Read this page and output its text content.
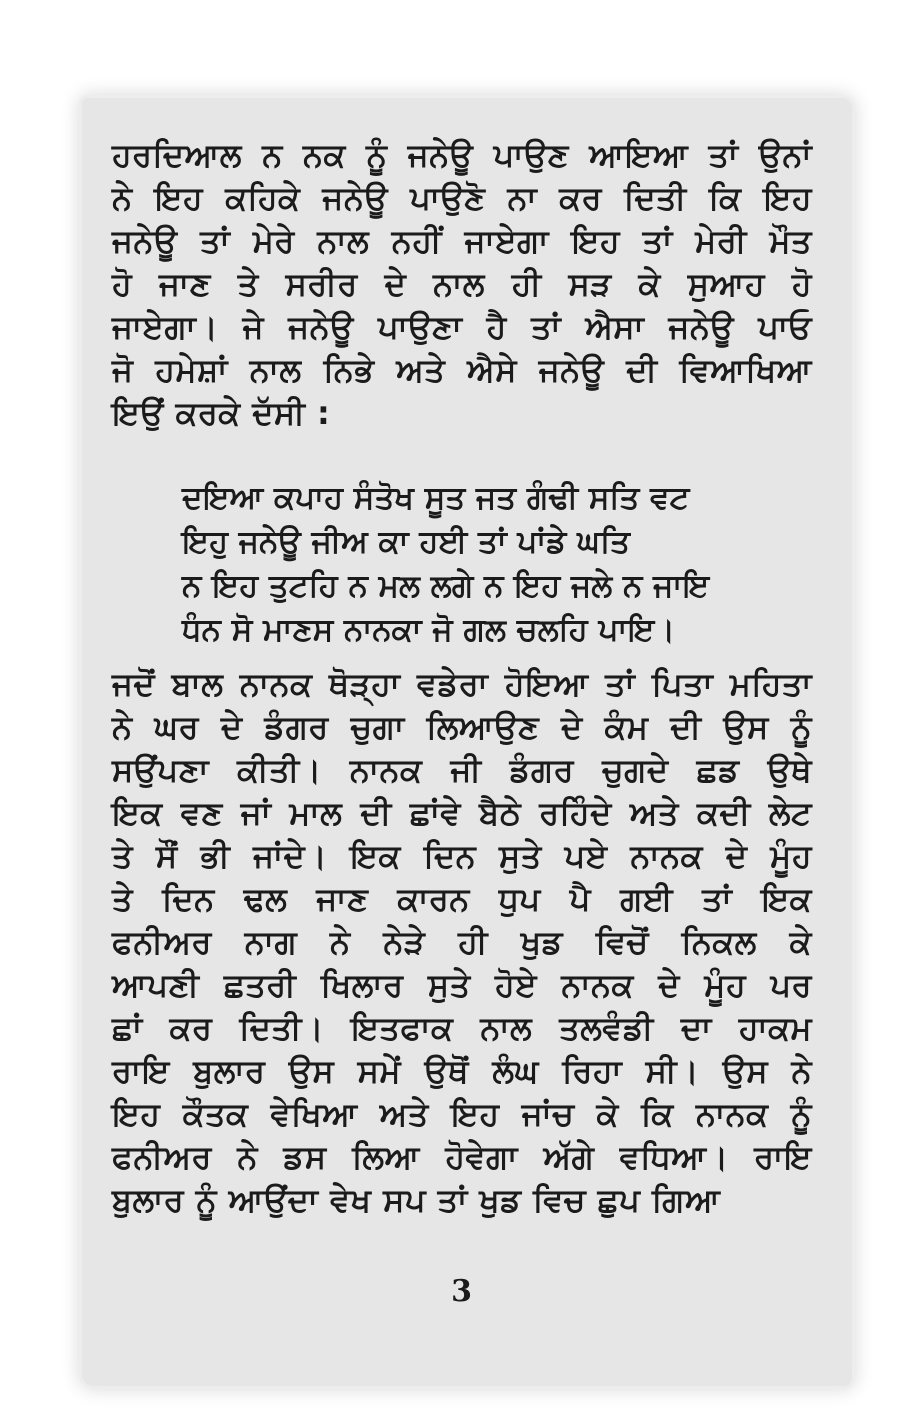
ਹਰਦਿਆਲ ਨ ਨਕ ਨੂੰ ਜਨੇਊ ਪਾਉਣ ਆਇਆ ਤਾਂ ਉਨਾਂ
ਨੇ ਇਹ ਕਹਿਕੇ ਜਨੇਊ ਪਾਉਣੋ ਨਾ ਕਰ ਦਿਤੀ ਕਿ ਇਹ
ਜਨੇਊ ਤਾਂ ਮੇਰੇ ਨਾਲ ਨਹੀਂ ਜਾਏਗਾ ਇਹ ਤਾਂ ਮੇਰੀ ਮੌਤ
ਹੋ ਜਾਣ ਤੇ ਸਰੀਰ ਦੇ ਨਾਲ ਹੀ ਸੜ ਕੇ ਸੁਆਹ ਹੋ
ਜਾਏਗਾ। ਜੇ ਜਨੇਊ ਪਾਉਣਾ ਹੈ ਤਾਂ ਐਸਾ ਜਨੇਊ ਪਾਓ
ਜੋ ਹਮੇਸ਼ਾਂ ਨਾਲ ਨਿਭੇ ਅਤੇ ਐਸੇ ਜਨੇਊ ਦੀ ਵਿਆਖਿਆ
ਇਉਂ ਕਰਕੇ ਦੱਸੀ :
ਦਇਆ ਕਪਾਹ ਸੰਤੋਖ ਸੂਤ ਜਤ ਗੰਢੀ ਸਤਿ ਵਟ
ਇਹੁ ਜਨੇਊ ਜੀਅ ਕਾ ਹਈ ਤਾਂ ਪਾਂਡੇ ਘਤਿ
ਨ ਇਹ ਤੁਟਹਿ ਨ ਮਲ ਲਗੇ ਨ ਇਹ ਜਲੇ ਨ ਜਾਇ
ਧੰਨ ਸੋ ਮਾਣਸ ਨਾਨਕਾ ਜੋ ਗਲ ਚਲਹਿ ਪਾਇ।
ਜਦੋਂ ਬਾਲ ਨਾਨਕ ਥੋੜ੍ਹਾ ਵਡੇਰਾ ਹੋਇਆ ਤਾਂ ਪਿਤਾ ਮਹਿਤਾ
ਨੇ ਘਰ ਦੇ ਡੰਗਰ ਚੁਗਾ ਲਿਆਉਣ ਦੇ ਕੰਮ ਦੀ ਉਸ ਨੂੰ
ਸਉਂਪਣਾ ਕੀਤੀ। ਨਾਨਕ ਜੀ ਡੰਗਰ ਚੁਗਦੇ ਛਡ ਉਥੇ
ਇਕ ਵਣ ਜਾਂ ਮਾਲ ਦੀ ਛਾਂਵੇ ਬੈਠੇ ਰਹਿੰਦੇ ਅਤੇ ਕਦੀ ਲੇਟ
ਤੇ ਸੌਂ ਭੀ ਜਾਂਦੇ। ਇਕ ਦਿਨ ਸੁਤੇ ਪਏ ਨਾਨਕ ਦੇ ਮੂੰਹ
ਤੇ ਦਿਨ ਢਲ ਜਾਣ ਕਾਰਨ ਧੁਪ ਪੈ ਗਈ ਤਾਂ ਇਕ
ਫਨੀਅਰ ਨਾਗ ਨੇ ਨੇੜੇ ਹੀ ਖੁਡ ਵਿਚੋਂ ਨਿਕਲ ਕੇ
ਆਪਣੀ ਛਤਰੀ ਖਿਲਾਰ ਸੁਤੇ ਹੋਏ ਨਾਨਕ ਦੇ ਮੂੰਹ ਪਰ
ਛਾਂ ਕਰ ਦਿਤੀ। ਇਤਫਾਕ ਨਾਲ ਤਲਵੰਡੀ ਦਾ ਹਾਕਮ
ਰਾਇ ਬੁਲਾਰ ਉਸ ਸਮੇਂ ਉਥੋਂ ਲੰਘ ਰਿਹਾ ਸੀ। ਉਸ ਨੇ
ਇਹ ਕੌਤਕ ਵੇਖਿਆ ਅਤੇ ਇਹ ਜਾਂਚ ਕੇ ਕਿ ਨਾਨਕ ਨੂੰ
ਫਨੀਅਰ ਨੇ ਡਸ ਲਿਆ ਹੋਵੇਗਾ ਅੱਗੇ ਵਧਿਆ। ਰਾਇ
ਬੁਲਾਰ ਨੂੰ ਆਉਂਦਾ ਵੇਖ ਸਪ ਤਾਂ ਖੁਡ ਵਿਚ ਛੁਪ ਗਿਆ
3
